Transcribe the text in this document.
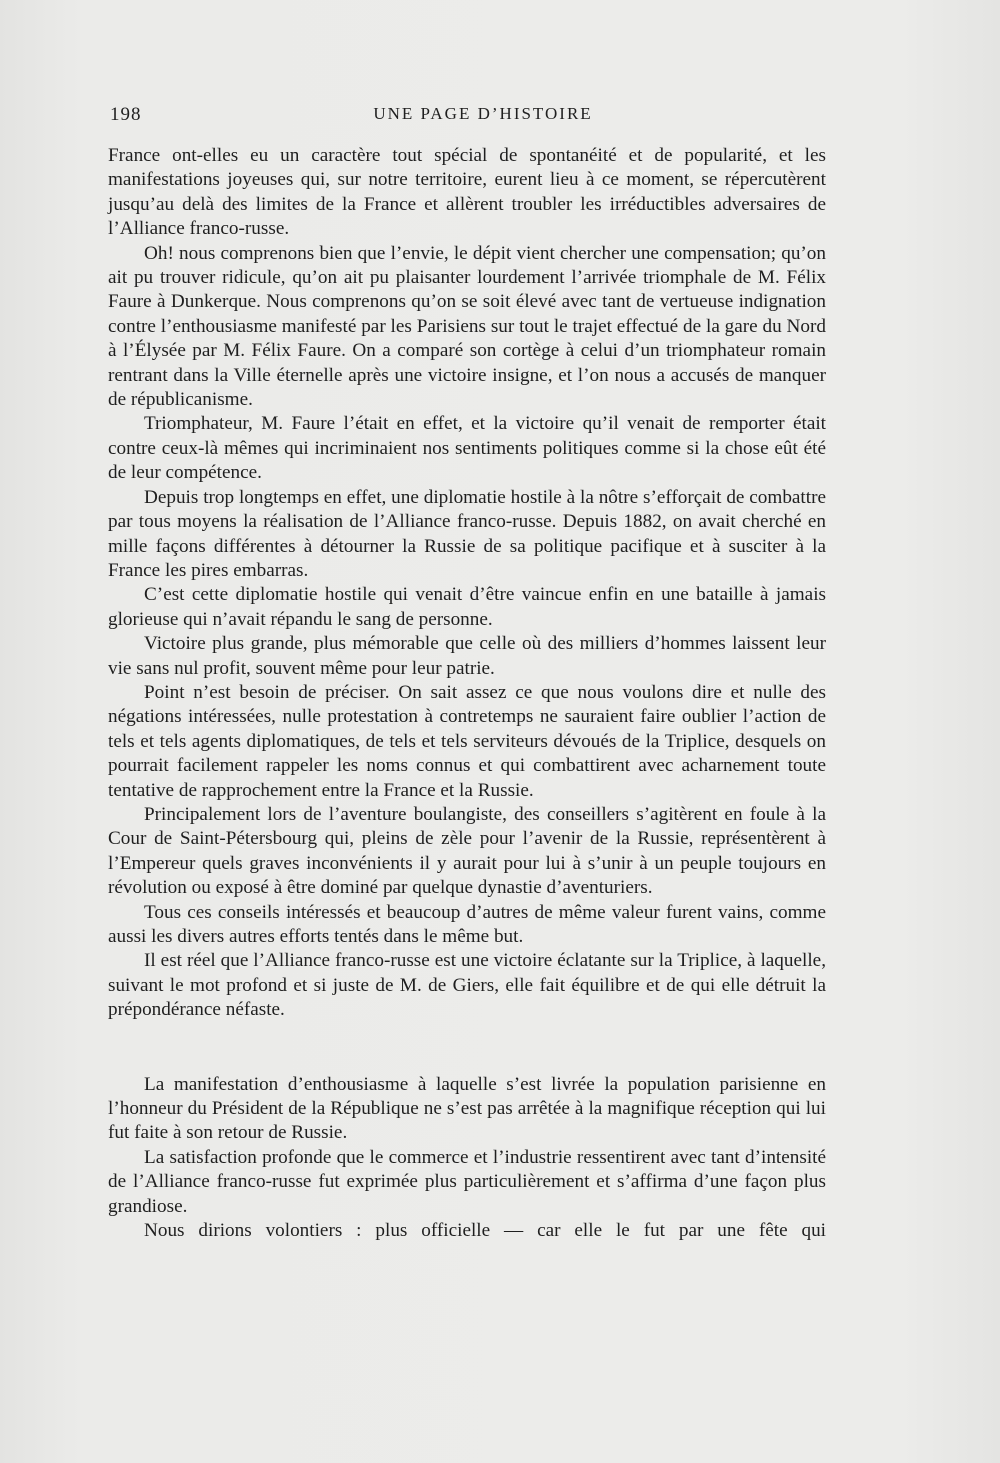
198	UNE PAGE D’HISTOIRE

France ont-elles eu un caractère tout spécial de spontanéité et de popularité, et les manifestations joyeuses qui, sur notre territoire, eurent lieu à ce moment, se répercutèrent jusqu’au delà des limites de la France et allèrent troubler les irréductibles adversaires de l’Alliance franco-russe.

Oh! nous comprenons bien que l’envie, le dépit vient chercher une compensation; qu’on ait pu trouver ridicule, qu’on ait pu plaisanter lourdement l’arrivée triomphale de M. Félix Faure à Dunkerque. Nous comprenons qu’on se soit élevé avec tant de vertueuse indignation contre l’enthousiasme manifesté par les Parisiens sur tout le trajet effectué de la gare du Nord à l’Élysée par M. Félix Faure. On a comparé son cortège à celui d’un triomphateur romain rentrant dans la Ville éternelle après une victoire insigne, et l’on nous a accusés de manquer de républicanisme.

Triomphateur, M. Faure l’était en effet, et la victoire qu’il venait de remporter était contre ceux-là mêmes qui incriminaient nos sentiments politiques comme si la chose eût été de leur compétence.

Depuis trop longtemps en effet, une diplomatie hostile à la nôtre s’efforçait de combattre par tous moyens la réalisation de l’Alliance franco-russe. Depuis 1882, on avait cherché en mille façons différentes à détourner la Russie de sa politique pacifique et à susciter à la France les pires embarras.

C’est cette diplomatie hostile qui venait d’être vaincue enfin en une bataille à jamais glorieuse qui n’avait répandu le sang de personne.

Victoire plus grande, plus mémorable que celle où des milliers d’hommes laissent leur vie sans nul profit, souvent même pour leur patrie.

Point n’est besoin de préciser. On sait assez ce que nous voulons dire et nulle des négations intéressées, nulle protestation à contretemps ne sauraient faire oublier l’action de tels et tels agents diplomatiques, de tels et tels serviteurs dévoués de la Triplice, desquels on pourrait facilement rappeler les noms connus et qui combattirent avec acharnement toute tentative de rapprochement entre la France et la Russie.

Principalement lors de l’aventure boulangiste, des conseillers s’agitèrent en foule à la Cour de Saint-Pétersbourg qui, pleins de zèle pour l’avenir de la Russie, représentèrent à l’Empereur quels graves inconvénients il y aurait pour lui à s’unir à un peuple toujours en révolution ou exposé à être dominé par quelque dynastie d’aventuriers.

Tous ces conseils intéressés et beaucoup d’autres de même valeur furent vains, comme aussi les divers autres efforts tentés dans le même but.

Il est réel que l’Alliance franco-russe est une victoire éclatante sur la Triplice, à laquelle, suivant le mot profond et si juste de M. de Giers, elle fait équilibre et de qui elle détruit la prépondérance néfaste.

La manifestation d’enthousiasme à laquelle s’est livrée la population parisienne en l’honneur du Président de la République ne s’est pas arrêtée à la magnifique réception qui lui fut faite à son retour de Russie.

La satisfaction profonde que le commerce et l’industrie ressentirent avec tant d’intensité de l’Alliance franco-russe fut exprimée plus particulièrement et s’affirma d’une façon plus grandiose.

Nous dirions volontiers : plus officielle — car elle le fut par une fête qui
